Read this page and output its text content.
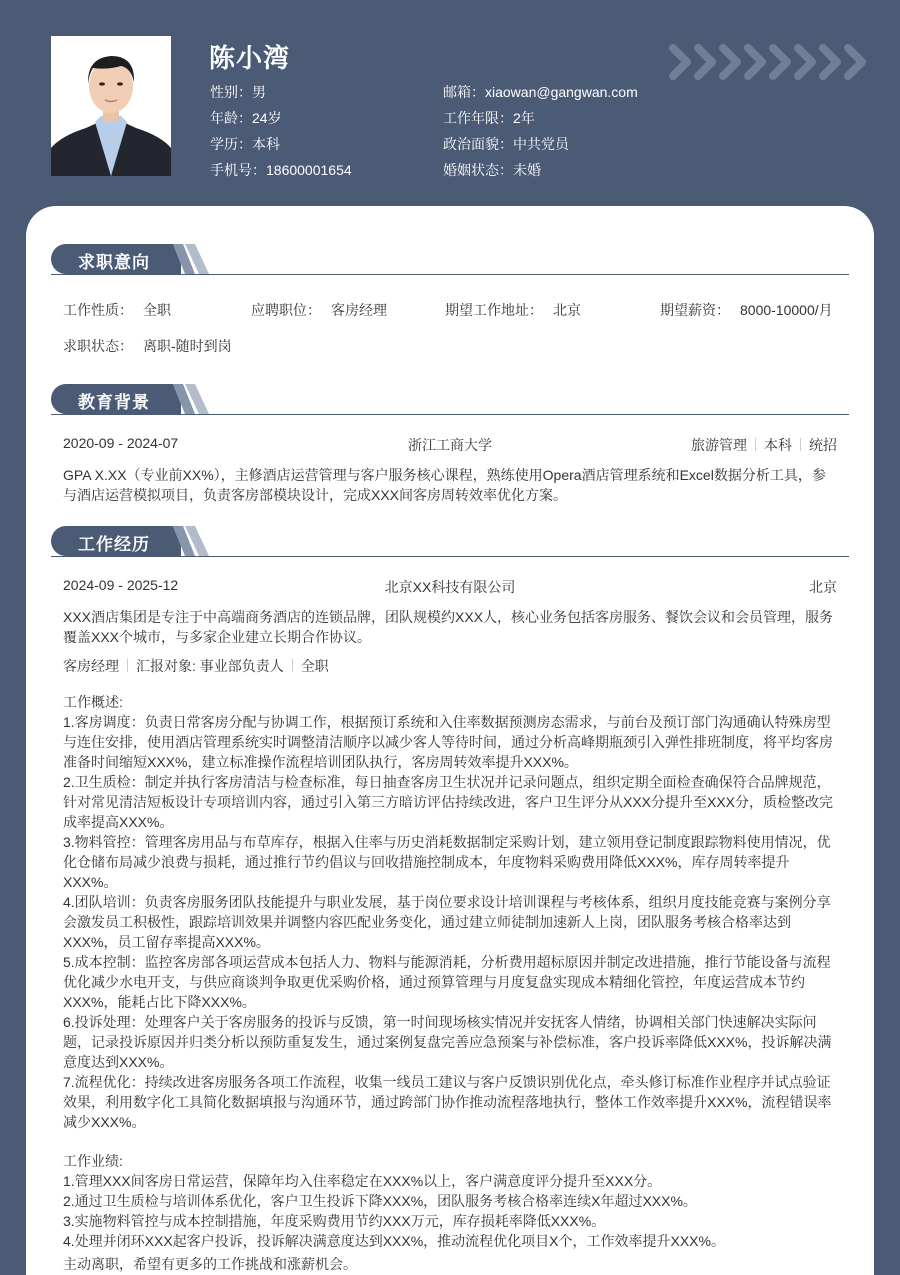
陈小湾
性别：男
年龄：24岁
学历：本科
手机号：18600001654
邮箱：xiaowan@gangwan.com
工作年限：2年
政治面貌：中共党员
婚姻状态：未婚
求职意向
工作性质： 全职	应聘职位： 客房经理	期望工作地址： 北京	期望薪资： 8000-10000/月
求职状态： 离职-随时到岗
教育背景
2020-09 - 2024-07	浙江工商大学	旅游管理 本科 统招
GPA X.XX（专业前XX%），主修酒店运营管理与客户服务核心课程，熟练使用Opera酒店管理系统和Excel数据分析工具，参与酒店运营模拟项目，负责客房部模块设计，完成XXX间客房周转效率优化方案。
工作经历
2024-09 - 2025-12	北京XX科技有限公司	北京
XXX酒店集团是专注于中高端商务酒店的连锁品牌，团队规模约XXX人，核心业务包括客房服务、餐饮会议和会员管理，服务覆盖XXX个城市，与多家企业建立长期合作协议。
客房经理 汇报对象: 事业部负责人 全职
工作概述:
1.客房调度：负责日常客房分配与协调工作，根据预订系统和入住率数据预测房态需求，与前台及预订部门沟通确认特殊房型与连住安排，使用酒店管理系统实时调整清洁顺序以减少客人等待时间，通过分析高峰期瓶颈引入弹性排班制度，将平均客房准备时间缩短XXX%，建立标准操作流程培训团队执行，客房周转效率提升XXX%。
2.卫生质检：制定并执行客房清洁与检查标准，每日抽查客房卫生状况并记录问题点，组织定期全面检查确保符合品牌规范，针对常见清洁短板设计专项培训内容，通过引入第三方暗访评估持续改进，客户卫生评分从XXX分提升至XXX分，质检整改完成率提高XXX%。
3.物料管控：管理客房用品与布草库存，根据入住率与历史消耗数据制定采购计划，建立领用登记制度跟踪物料使用情况，优化仓储布局减少浪费与损耗，通过推行节约倡议与回收措施控制成本，年度物料采购费用降低XXX%，库存周转率提升XXX%。
4.团队培训：负责客房服务团队技能提升与职业发展，基于岗位要求设计培训课程与考核体系，组织月度技能竞赛与案例分享会激发员工积极性，跟踪培训效果并调整内容匹配业务变化，通过建立师徒制加速新人上岗，团队服务考核合格率达到XXX%，员工留存率提高XXX%。
5.成本控制：监控客房部各项运营成本包括人力、物料与能源消耗，分析费用超标原因并制定改进措施，推行节能设备与流程优化减少水电开支，与供应商谈判争取更优采购价格，通过预算管理与月度复盘实现成本精细化管控，年度运营成本节约XXX%，能耗占比下降XXX%。
6.投诉处理：处理客户关于客房服务的投诉与反馈，第一时间现场核实情况并安抚客人情绪，协调相关部门快速解决实际问题，记录投诉原因并归类分析以预防重复发生，通过案例复盘完善应急预案与补偿标准，客户投诉率降低XXX%，投诉解决满意度达到XXX%。
7.流程优化：持续改进客房服务各项工作流程，收集一线员工建议与客户反馈识别优化点，牵头修订标准作业程序并试点验证效果，利用数字化工具简化数据填报与沟通环节，通过跨部门协作推动流程落地执行，整体工作效率提升XXX%，流程错误率减少XXX%。
工作业绩:
1.管理XXX间客房日常运营，保障年均入住率稳定在XXX%以上，客户满意度评分提升至XXX分。
2.通过卫生质检与培训体系优化，客户卫生投诉下降XXX%，团队服务考核合格率连续X年超过XXX%。
3.实施物料管控与成本控制措施，年度采购费用节约XXX万元，库存损耗率降低XXX%。
4.处理并闭环XXX起客户投诉，投诉解决满意度达到XXX%，推动流程优化项目X个，工作效率提升XXX%。
主动离职，希望有更多的工作挑战和涨薪机会。
